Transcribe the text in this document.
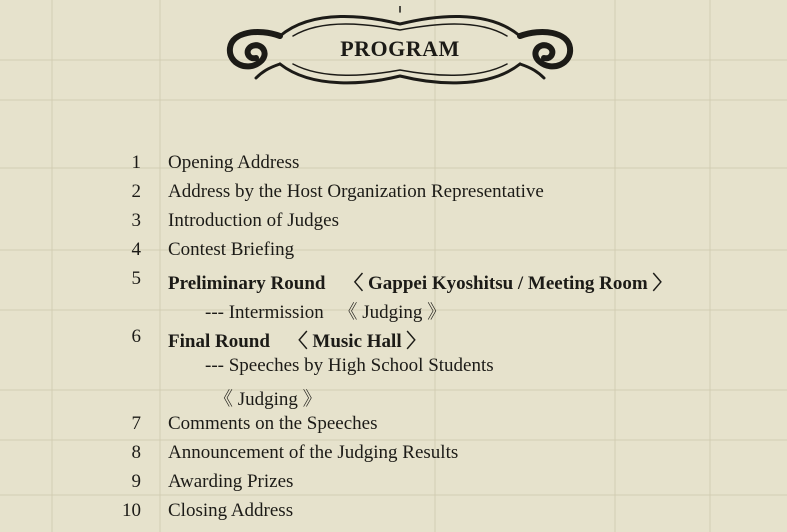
PROGRAM
1 Opening Address
2 Address by the Host Organization Representative
3 Introduction of Judges
4 Contest Briefing
5 Preliminary Round 〈 Gappei Kyoshitsu / Meeting Room 〉
--- Intermission 《 Judging 》
6 Final Round 〈 Music Hall 〉
--- Speeches by High School Students
《 Judging 》
7 Comments on the Speeches
8 Announcement of the Judging Results
9 Awarding Prizes
10 Closing Address
